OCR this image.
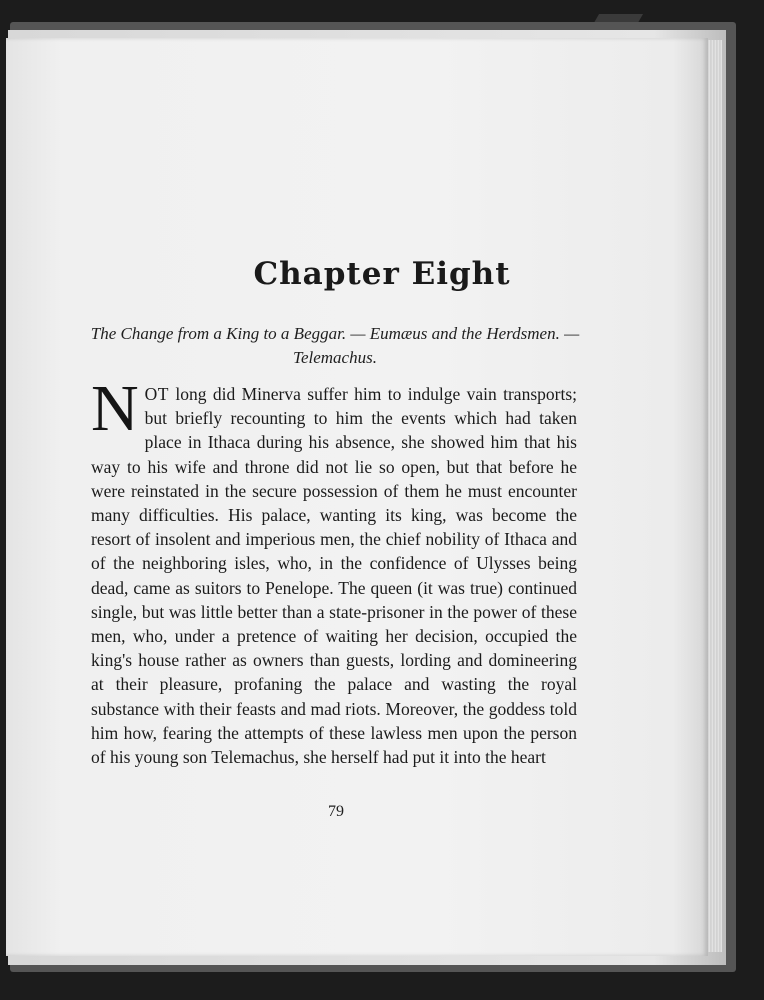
Chapter Eight

The Change from a King to a Beggar. — Eumæus and the Herdsmen. — Telemachus.

NOT long did Minerva suffer him to indulge vain transports; but briefly recounting to him the events which had taken place in Ithaca during his absence, she showed him that his way to his wife and throne did not lie so open, but that before he were reinstated in the secure possession of them he must encounter many difficulties. His palace, wanting its king, was become the resort of insolent and imperious men, the chief nobility of Ithaca and of the neighboring isles, who, in the confidence of Ulysses being dead, came as suitors to Penelope. The queen (it was true) continued single, but was little better than a state-prisoner in the power of these men, who, under a pretence of waiting her decision, occupied the king's house rather as owners than guests, lording and domineering at their pleasure, profaning the palace and wasting the royal substance with their feasts and mad riots. Moreover, the goddess told him how, fearing the attempts of these lawless men upon the person of his young son Telemachus, she herself had put it into the heart

79
